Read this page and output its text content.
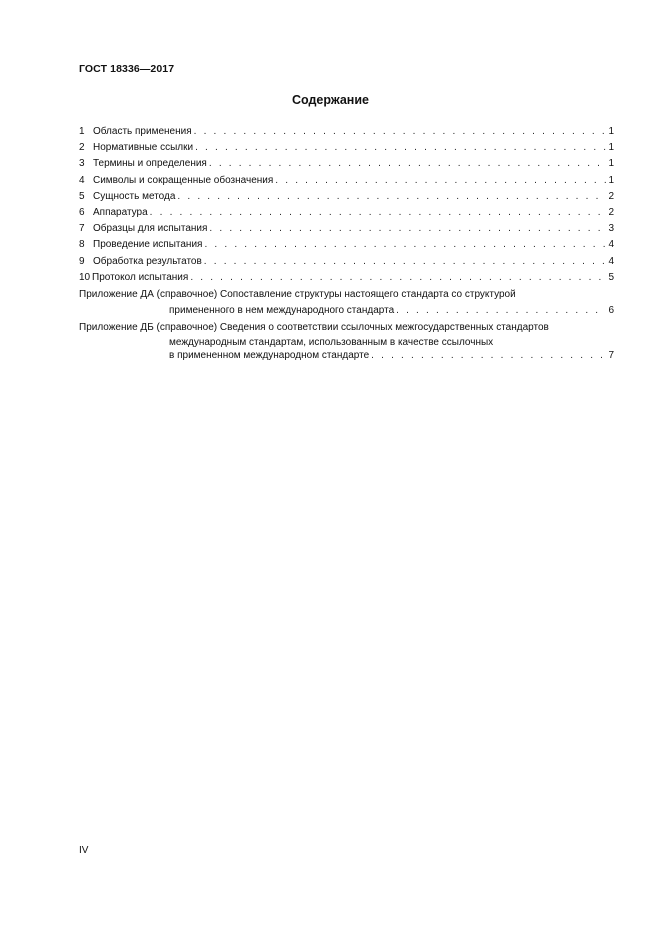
ГОСТ 18336—2017
Содержание
1 Область применения . . .	1
2 Нормативные ссылки . . .	1
3 Термины и определения . . .	1
4 Символы и сокращенные обозначения . . .	1
5 Сущность метода . . .	2
6 Аппаратура . . .	2
7 Образцы для испытания . . .	3
8 Проведение испытания . . .	4
9 Обработка результатов . . .	4
10 Протокол испытания . . .	5
Приложение ДА (справочное) Сопоставление структуры настоящего стандарта со структурой
примененного в нем международного стандарта . . .	6
Приложение ДБ (справочное) Сведения о соответствии ссылочных межгосударственных стандартов
международным стандартам, использованным в качестве ссылочных
в примененном международном стандарте . . .	7
IV
